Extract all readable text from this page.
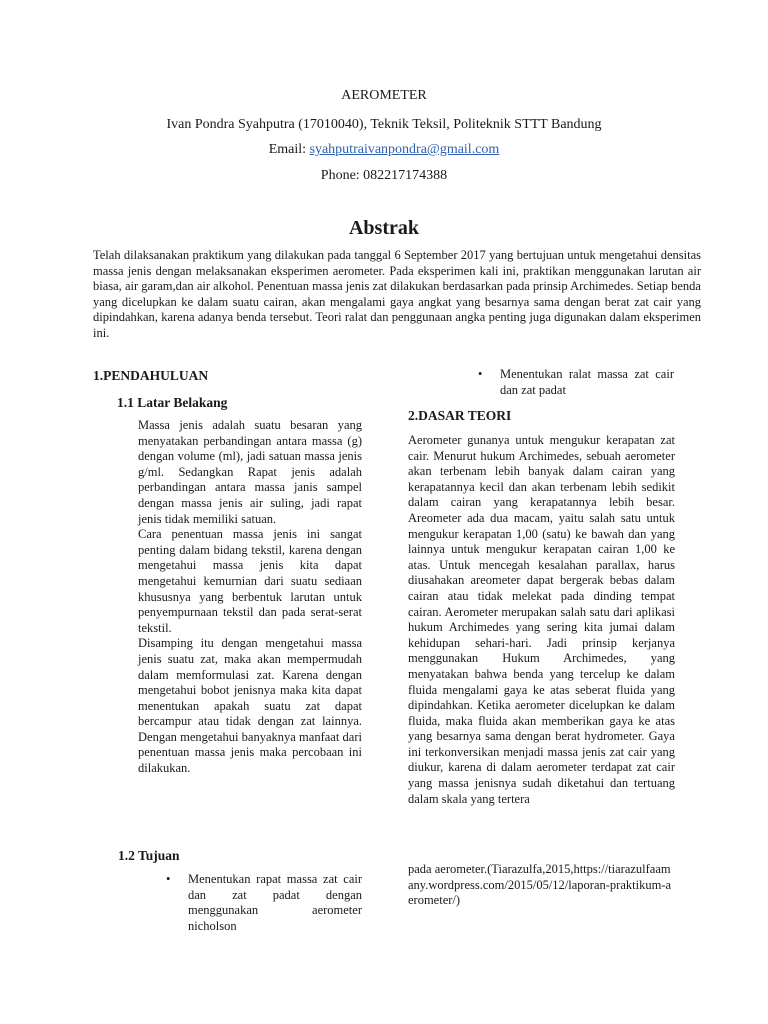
AEROMETER
Ivan Pondra Syahputra (17010040), Teknik Teksil, Politeknik STTT Bandung
Email: syahputraivanpondra@gmail.com
Phone: 082217174388
Abstrak

Telah dilaksanakan praktikum yang dilakukan pada tanggal 6 September 2017 yang bertujuan untuk mengetahui densitas massa jenis dengan melaksanakan eksperimen aerometer. Pada eksperimen kali ini, praktikan menggunakan larutan air biasa, air garam,dan air alkohol. Penentuan massa jenis zat dilakukan berdasarkan pada prinsip Archimedes. Setiap benda yang dicelupkan ke dalam suatu cairan, akan mengalami gaya angkat yang besarnya sama dengan berat zat cair yang dipindahkan, karena adanya benda tersebut. Teori ralat dan penggunaan angka penting juga digunakan dalam eksperimen ini.

1.PENDAHULUAN
1.1 Latar Belakang

Massa jenis adalah suatu besaran yang menyatakan perbandingan antara massa (g) dengan volume (ml), jadi satuan massa jenis g/ml. Sedangkan Rapat jenis adalah perbandingan antara massa janis sampel dengan massa jenis air suling, jadi rapat jenis tidak memiliki satuan.

Cara penentuan massa jenis ini sangat penting dalam bidang tekstil, karena dengan mengetahui massa jenis kita dapat mengetahui kemurnian dari suatu sediaan khususnya yang berbentuk larutan untuk penyempurnaan tekstil dan pada serat-serat tekstil.

Disamping itu dengan mengetahui massa jenis suatu zat, maka akan mempermudah dalam memformulasi zat. Karena dengan mengetahui bobot jenisnya maka kita dapat menentukan apakah suatu zat dapat bercampur atau tidak dengan zat lainnya. Dengan mengetahui banyaknya manfaat dari penentuan massa jenis maka percobaan ini dilakukan.

1.2 Tujuan
•	Menentukan rapat massa zat cair dan zat padat dengan menggunakan aerometer nicholson
•	Menentukan ralat massa zat cair dan zat padat
2.DASAR TEORI

Aerometer gunanya untuk mengukur kerapatan zat cair. Menurut hukum Archimedes, sebuah aerometer akan terbenam lebih banyak dalam cairan yang kerapatannya kecil dan akan terbenam lebih sedikit dalam cairan yang kerapatannya lebih besar. Areometer ada dua macam, yaitu salah satu untuk mengukur kerapatan 1,00 (satu) ke bawah dan yang lainnya untuk mengukur kerapatan cairan 1,00 ke atas. Untuk mencegah kesalahan parallax, harus diusahakan areometer dapat bergerak bebas dalam cairan atau tidak melekat pada dinding tempat cairan. Aerometer merupakan salah satu dari aplikasi hukum Archimedes yang sering kita jumai dalam kehidupan sehari-hari. Jadi prinsip kerjanya menggunakan Hukum Archimedes, yang menyatakan bahwa benda yang tercelup ke dalam fluida mengalami gaya ke atas seberat fluida yang dipindahkan. Ketika aerometer dicelupkan ke dalam fluida, maka fluida akan memberikan gaya ke atas yang besarnya sama dengan berat hydrometer. Gaya ini terkonversikan menjadi massa jenis zat cair yang diukur, karena di dalam aerometer terdapat zat cair yang massa jenisnya sudah diketahui dan tertuang dalam skala yang tertera

pada aerometer.(Tiarazulfa,2015,https://tiarazulfaamany.wordpress.com/2015/05/12/laporan-praktikum-aerometer/)
